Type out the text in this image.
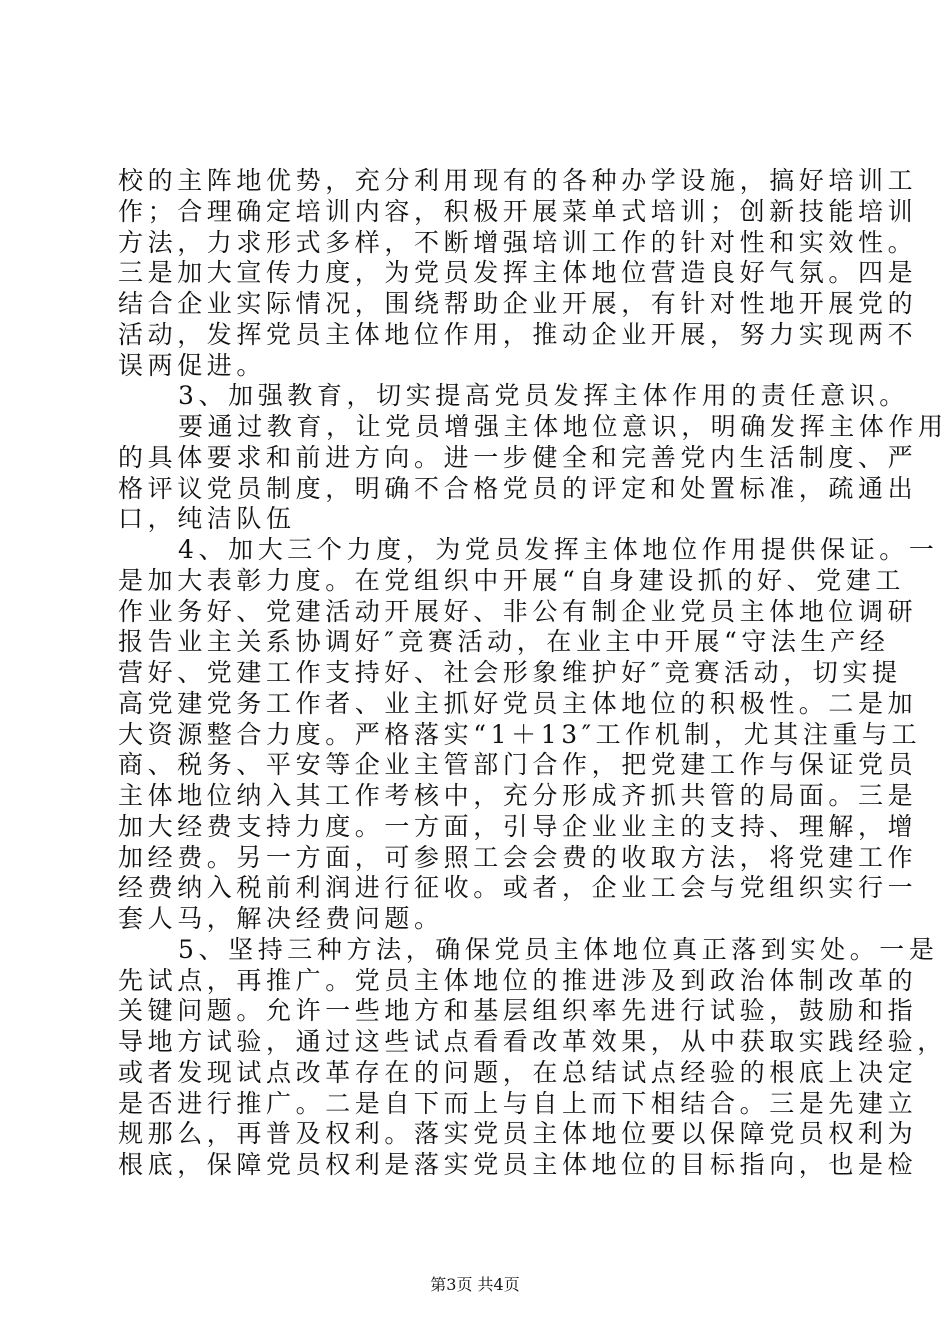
校的主阵地优势，充分利用现有的各种办学设施，搞好培训工
作；合理确定培训内容，积极开展菜单式培训；创新技能培训
方法，力求形式多样，不断增强培训工作的针对性和实效性。
三是加大宣传力度，为党员发挥主体地位营造良好气氛。四是
结合企业实际情况，围绕帮助企业开展，有针对性地开展党的
活动，发挥党员主体地位作用，推动企业开展，努力实现两不
误两促进。
3、加强教育，切实提高党员发挥主体作用的责任意识。
要通过教育，让党员增强主体地位意识，明确发挥主体作用
的具体要求和前进方向。进一步健全和完善党内生活制度、严
格评议党员制度，明确不合格党员的评定和处置标准，疏通出
口，纯洁队伍
4、加大三个力度，为党员发挥主体地位作用提供保证。一
是加大表彰力度。在党组织中开展“自身建设抓的好、党建工
作业务好、党建活动开展好、非公有制企业党员主体地位调研
报告业主关系协调好″竞赛活动，在业主中开展“守法生产经
营好、党建工作支持好、社会形象维护好″竞赛活动，切实提
高党建党务工作者、业主抓好党员主体地位的积极性。二是加
大资源整合力度。严格落实“1＋13″工作机制，尤其注重与工
商、税务、平安等企业主管部门合作，把党建工作与保证党员
主体地位纳入其工作考核中，充分形成齐抓共管的局面。三是
加大经费支持力度。一方面，引导企业业主的支持、理解，增
加经费。另一方面，可参照工会会费的收取方法，将党建工作
经费纳入税前利润进行征收。或者，企业工会与党组织实行一
套人马，解决经费问题。
5、坚持三种方法，确保党员主体地位真正落到实处。一是
先试点，再推广。党员主体地位的推进涉及到政治体制改革的
关键问题。允许一些地方和基层组织率先进行试验，鼓励和指
导地方试验，通过这些试点看看改革效果，从中获取实践经验，
或者发现试点改革存在的问题，在总结试点经验的根底上决定
是否进行推广。二是自下而上与自上而下相结合。三是先建立
规那么，再普及权利。落实党员主体地位要以保障党员权利为
根底，保障党员权利是落实党员主体地位的目标指向，也是检
第3页 共4页
